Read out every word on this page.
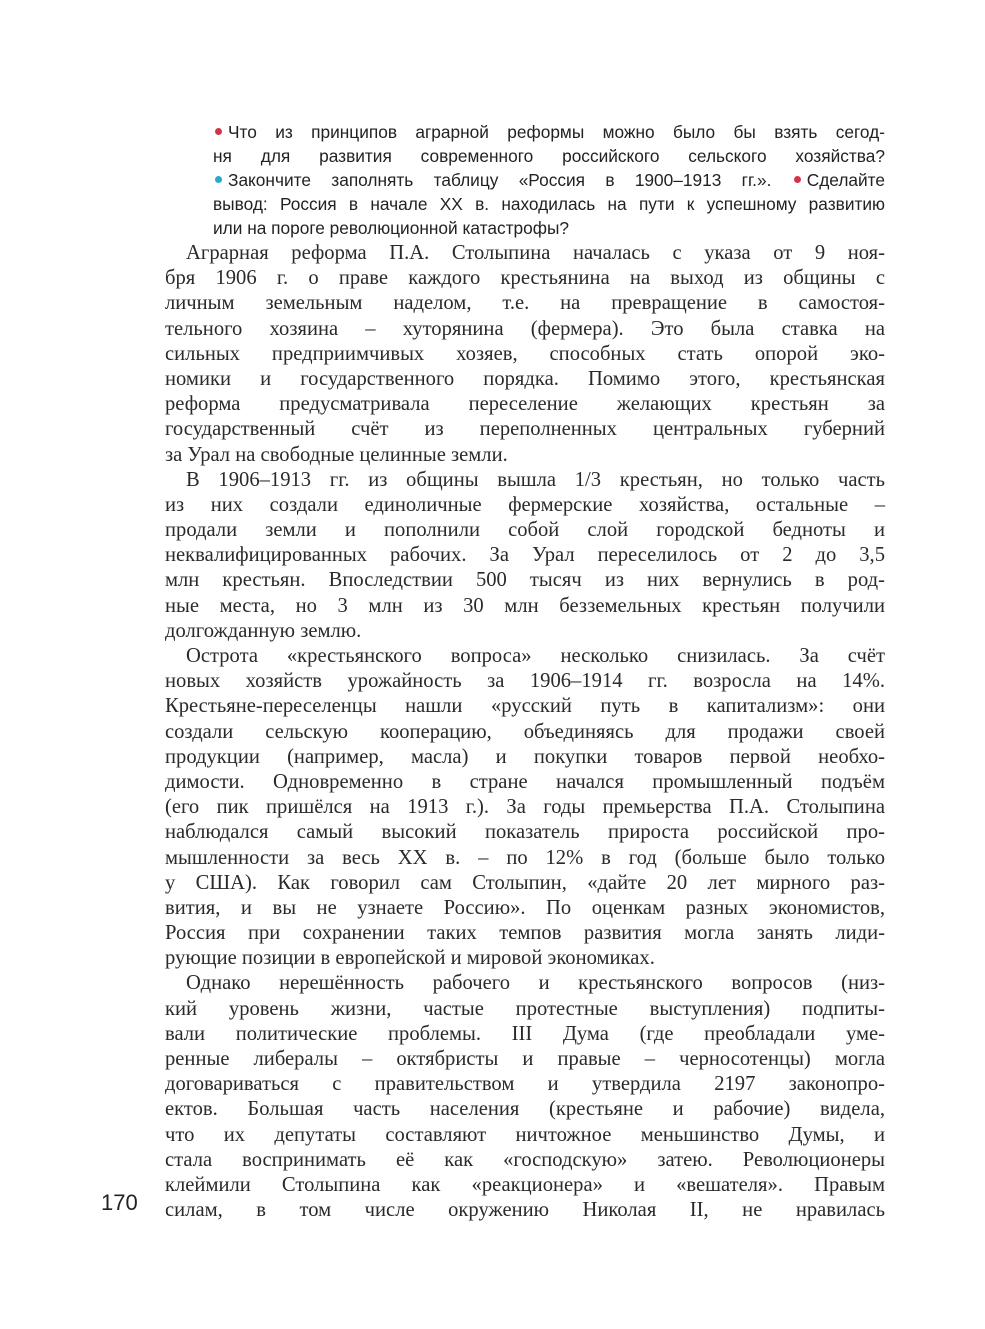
Что из принципов аграрной реформы можно было бы взять сегод-
ня для развития современного российского сельского хозяйства?
Закончите заполнять таблицу «Россия в 1900–1913 гг.». Сделайте
вывод: Россия в начале XX в. находилась на пути к успешному развитию
или на пороге революционной катастрофы?
Аграрная реформа П.А. Столыпина началась с указа от 9 ноя-
бря 1906 г. о праве каждого крестьянина на выход из общины с
личным земельным наделом, т.е. на превращение в самостоя-
тельного хозяина – хуторянина (фермера). Это была ставка на
сильных предприимчивых хозяев, способных стать опорой эко-
номики и государственного порядка. Помимо этого, крестьянская
реформа предусматривала переселение желающих крестьян за
государственный счёт из переполненных центральных губерний
за Урал на свободные целинные земли.
В 1906–1913 гг. из общины вышла 1/3 крестьян, но только часть
из них создали единоличные фермерские хозяйства, остальные –
продали земли и пополнили собой слой городской бедноты и
неквалифицированных рабочих. За Урал переселилось от 2 до 3,5
млн крестьян. Впоследствии 500 тысяч из них вернулись в род-
ные места, но 3 млн из 30 млн безземельных крестьян получили
долгожданную землю.
Острота «крестьянского вопроса» несколько снизилась. За счёт
новых хозяйств урожайность за 1906–1914 гг. возросла на 14%.
Крестьяне-переселенцы нашли «русский путь в капитализм»: они
создали сельскую кооперацию, объединяясь для продажи своей
продукции (например, масла) и покупки товаров первой необхо-
димости. Одновременно в стране начался промышленный подъём
(его пик пришёлся на 1913 г.). За годы премьерства П.А. Столыпина
наблюдался самый высокий показатель прироста российской про-
мышленности за весь XX в. – по 12% в год (больше было только
у США). Как говорил сам Столыпин, «дайте 20 лет мирного раз-
вития, и вы не узнаете Россию». По оценкам разных экономистов,
Россия при сохранении таких темпов развития могла занять лиди-
рующие позиции в европейской и мировой экономиках.
Однако нерешённость рабочего и крестьянского вопросов (низ-
кий уровень жизни, частые протестные выступления) подпиты-
вали политические проблемы. III Дума (где преобладали уме-
ренные либералы – октябристы и правые – черносотенцы) могла
договариваться с правительством и утвердила 2197 законопро-
ектов. Большая часть населения (крестьяне и рабочие) видела,
что их депутаты составляют ничтожное меньшинство Думы, и
стала воспринимать её как «господскую» затею. Революционеры
клеймили Столыпина как «реакционера» и «вешателя». Правым
силам, в том числе окружению Николая II, не нравилась
170
